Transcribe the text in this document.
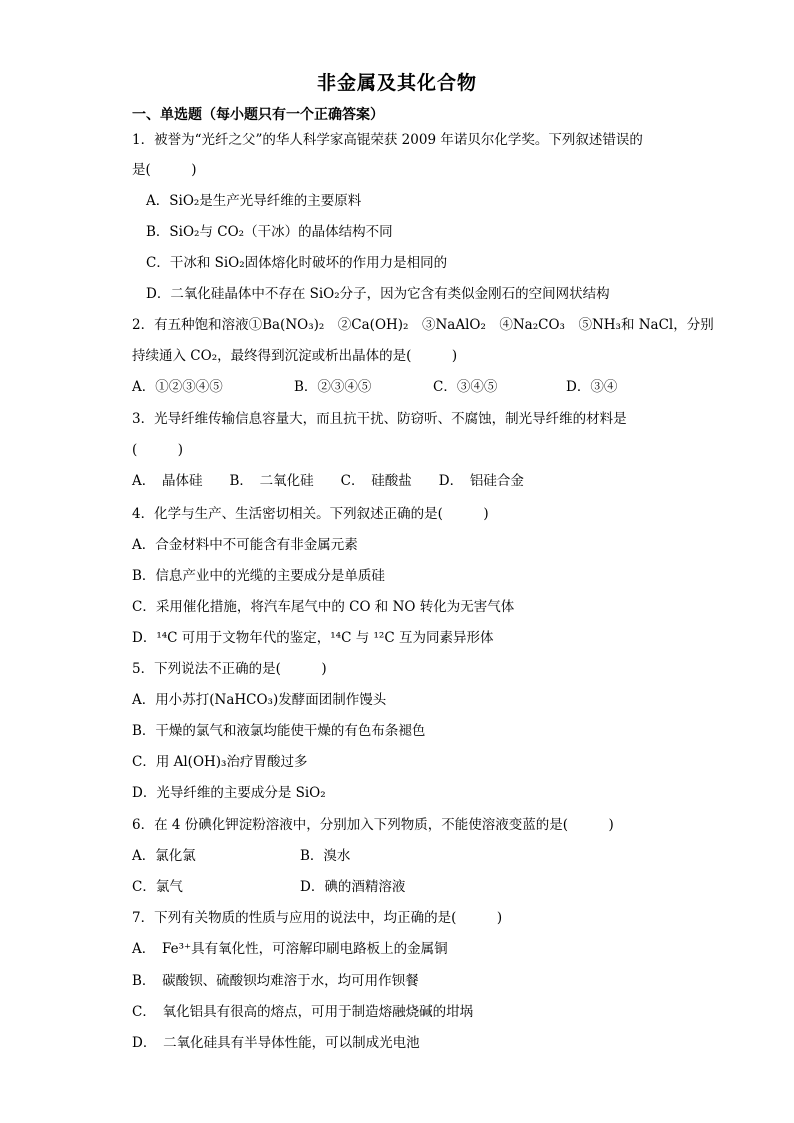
非金属及其化合物
一、单选题（每小题只有一个正确答案）
1．被誉为“光纤之父”的华人科学家高锟荣获 2009 年诺贝尔化学奖。下列叙述错误的
是(　　　)
A．SiO₂是生产光导纤维的主要原料
B．SiO₂与 CO₂（干冰）的晶体结构不同
C．干冰和 SiO₂固体熔化时破坏的作用力是相同的
D．二氧化硅晶体中不存在 SiO₂分子，因为它含有类似金刚石的空间网状结构
2．有五种饱和溶液①Ba(NO₃)₂　②Ca(OH)₂　③NaAlO₂　④Na₂CO₃　⑤NH₃和 NaCl，分别
持续通入 CO₂，最终得到沉淀或析出晶体的是(　　　)
A．①②③④⑤	B．②③④⑤	C．③④⑤	D．③④
3．光导纤维传输信息容量大，而且抗干扰、防窃听、不腐蚀，制光导纤维的材料是
(　　　)
A．　晶体硅　　B．　二氧化硅　　C．　硅酸盐　　D．　铝硅合金
4．化学与生产、生活密切相关。下列叙述正确的是(　　　)
A．合金材料中不可能含有非金属元素
B．信息产业中的光缆的主要成分是单质硅
C．采用催化措施，将汽车尾气中的 CO 和 NO 转化为无害气体
D．¹⁴C 可用于文物年代的鉴定，¹⁴C 与 ¹²C 互为同素异形体
5．下列说法不正确的是(　　　)
A．用小苏打(NaHCO₃)发酵面团制作馒头
B．干燥的氯气和液氯均能使干燥的有色布条褪色
C．用 Al(OH)₃治疗胃酸过多
D．光导纤维的主要成分是 SiO₂
6．在 4 份碘化钾淀粉溶液中，分别加入下列物质，不能使溶液变蓝的是(　　　)
A．氯化氯	B．溴水
C．氯气	D．碘的酒精溶液
7．下列有关物质的性质与应用的说法中，均正确的是(　　　)
A．　Fe³⁺具有氧化性，可溶解印刷电路板上的金属铜
B．　碳酸钡、硫酸钡均难溶于水，均可用作钡餐
C．　氧化铝具有很高的熔点，可用于制造熔融烧碱的坩埚
D．　二氧化硅具有半导体性能，可以制成光电池
